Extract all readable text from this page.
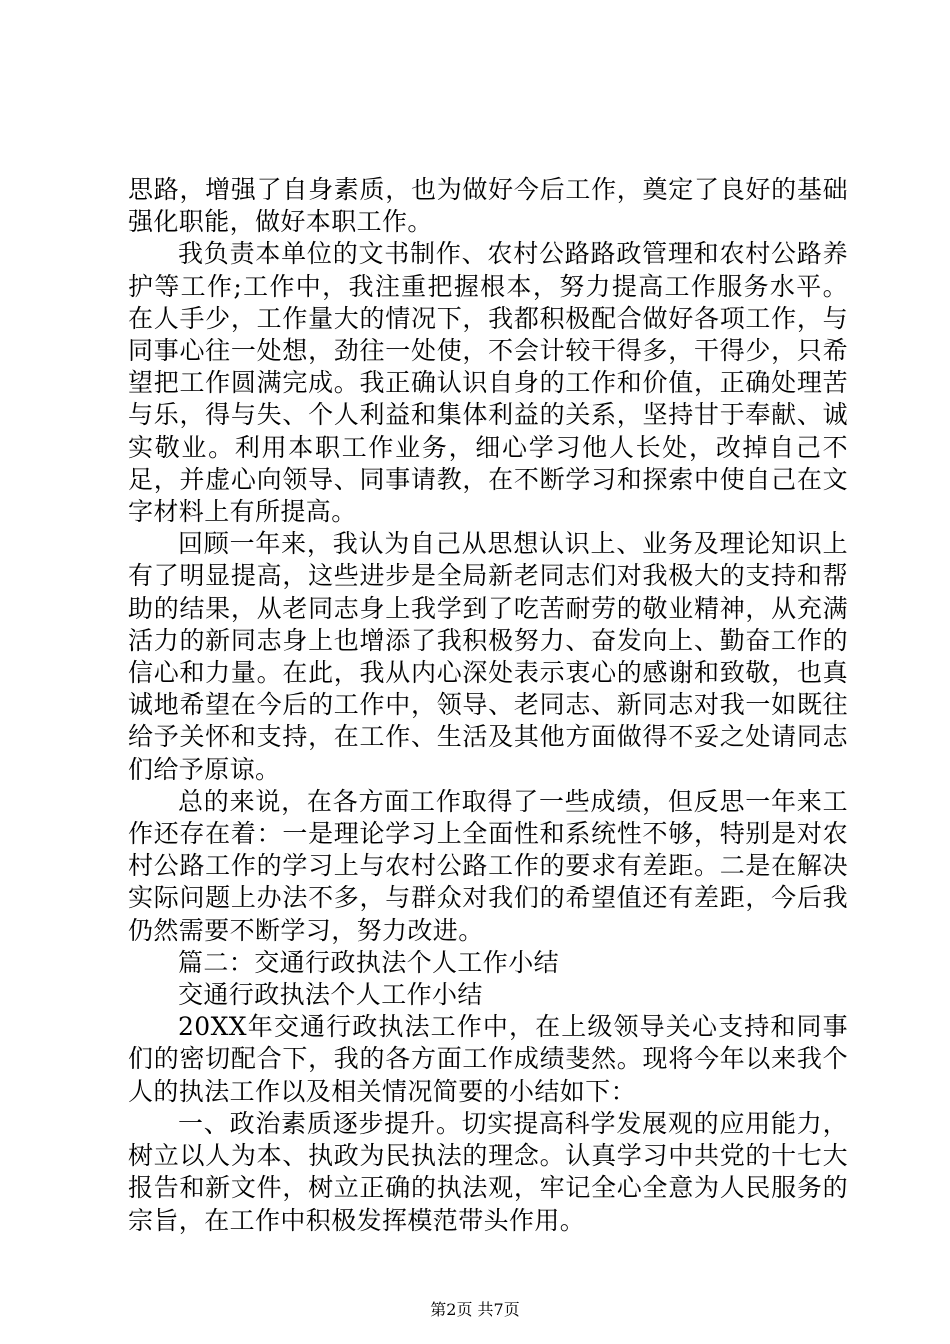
思路，增强了自身素质，也为做好今后工作，奠定了良好的基础强化职能，做好本职工作。

我负责本单位的文书制作、农村公路路政管理和农村公路养护等工作;工作中，我注重把握根本，努力提高工作服务水平。在人手少，工作量大的情况下，我都积极配合做好各项工作，与同事心往一处想，劲往一处使，不会计较干得多，干得少，只希望把工作圆满完成。我正确认识自身的工作和价值，正确处理苦与乐，得与失、个人利益和集体利益的关系，坚持甘于奉献、诚实敬业。利用本职工作业务，细心学习他人长处，改掉自己不足，并虚心向领导、同事请教，在不断学习和探索中使自己在文字材料上有所提高。

回顾一年来，我认为自己从思想认识上、业务及理论知识上有了明显提高，这些进步是全局新老同志们对我极大的支持和帮助的结果，从老同志身上我学到了吃苦耐劳的敬业精神，从充满活力的新同志身上也增添了我积极努力、奋发向上、勤奋工作的信心和力量。在此，我从内心深处表示衷心的感谢和致敬，也真诚地希望在今后的工作中，领导、老同志、新同志对我一如既往给予关怀和支持，在工作、生活及其他方面做得不妥之处请同志们给予原谅。

总的来说，在各方面工作取得了一些成绩，但反思一年来工作还存在着：一是理论学习上全面性和系统性不够，特别是对农村公路工作的学习上与农村公路工作的要求有差距。二是在解决实际问题上办法不多，与群众对我们的希望值还有差距，今后我仍然需要不断学习，努力改进。

篇二：交通行政执法个人工作小结

交通行政执法个人工作小结

20XX年交通行政执法工作中，在上级领导关心支持和同事们的密切配合下，我的各方面工作成绩斐然。现将今年以来我个人的执法工作以及相关情况简要的小结如下：

一、政治素质逐步提升。切实提高科学发展观的应用能力，树立以人为本、执政为民执法的理念。认真学习中共党的十七大报告和新文件，树立正确的执法观，牢记全心全意为人民服务的宗旨，在工作中积极发挥模范带头作用。

第2页 共7页
